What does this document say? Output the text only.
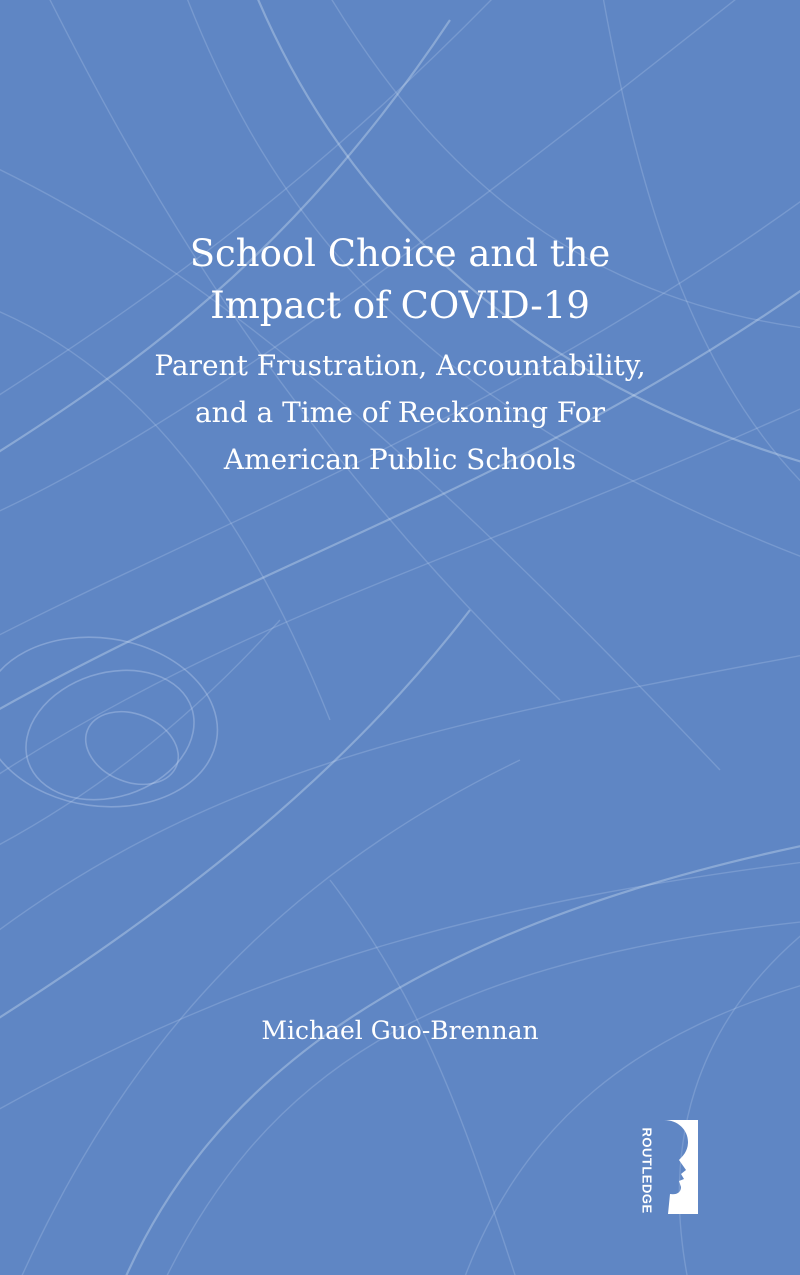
School Choice and the
Impact of COVID-19
Parent Frustration, Accountability,
and a Time of Reckoning For
American Public Schools
Michael Guo-Brennan
ROUTLEDGE
